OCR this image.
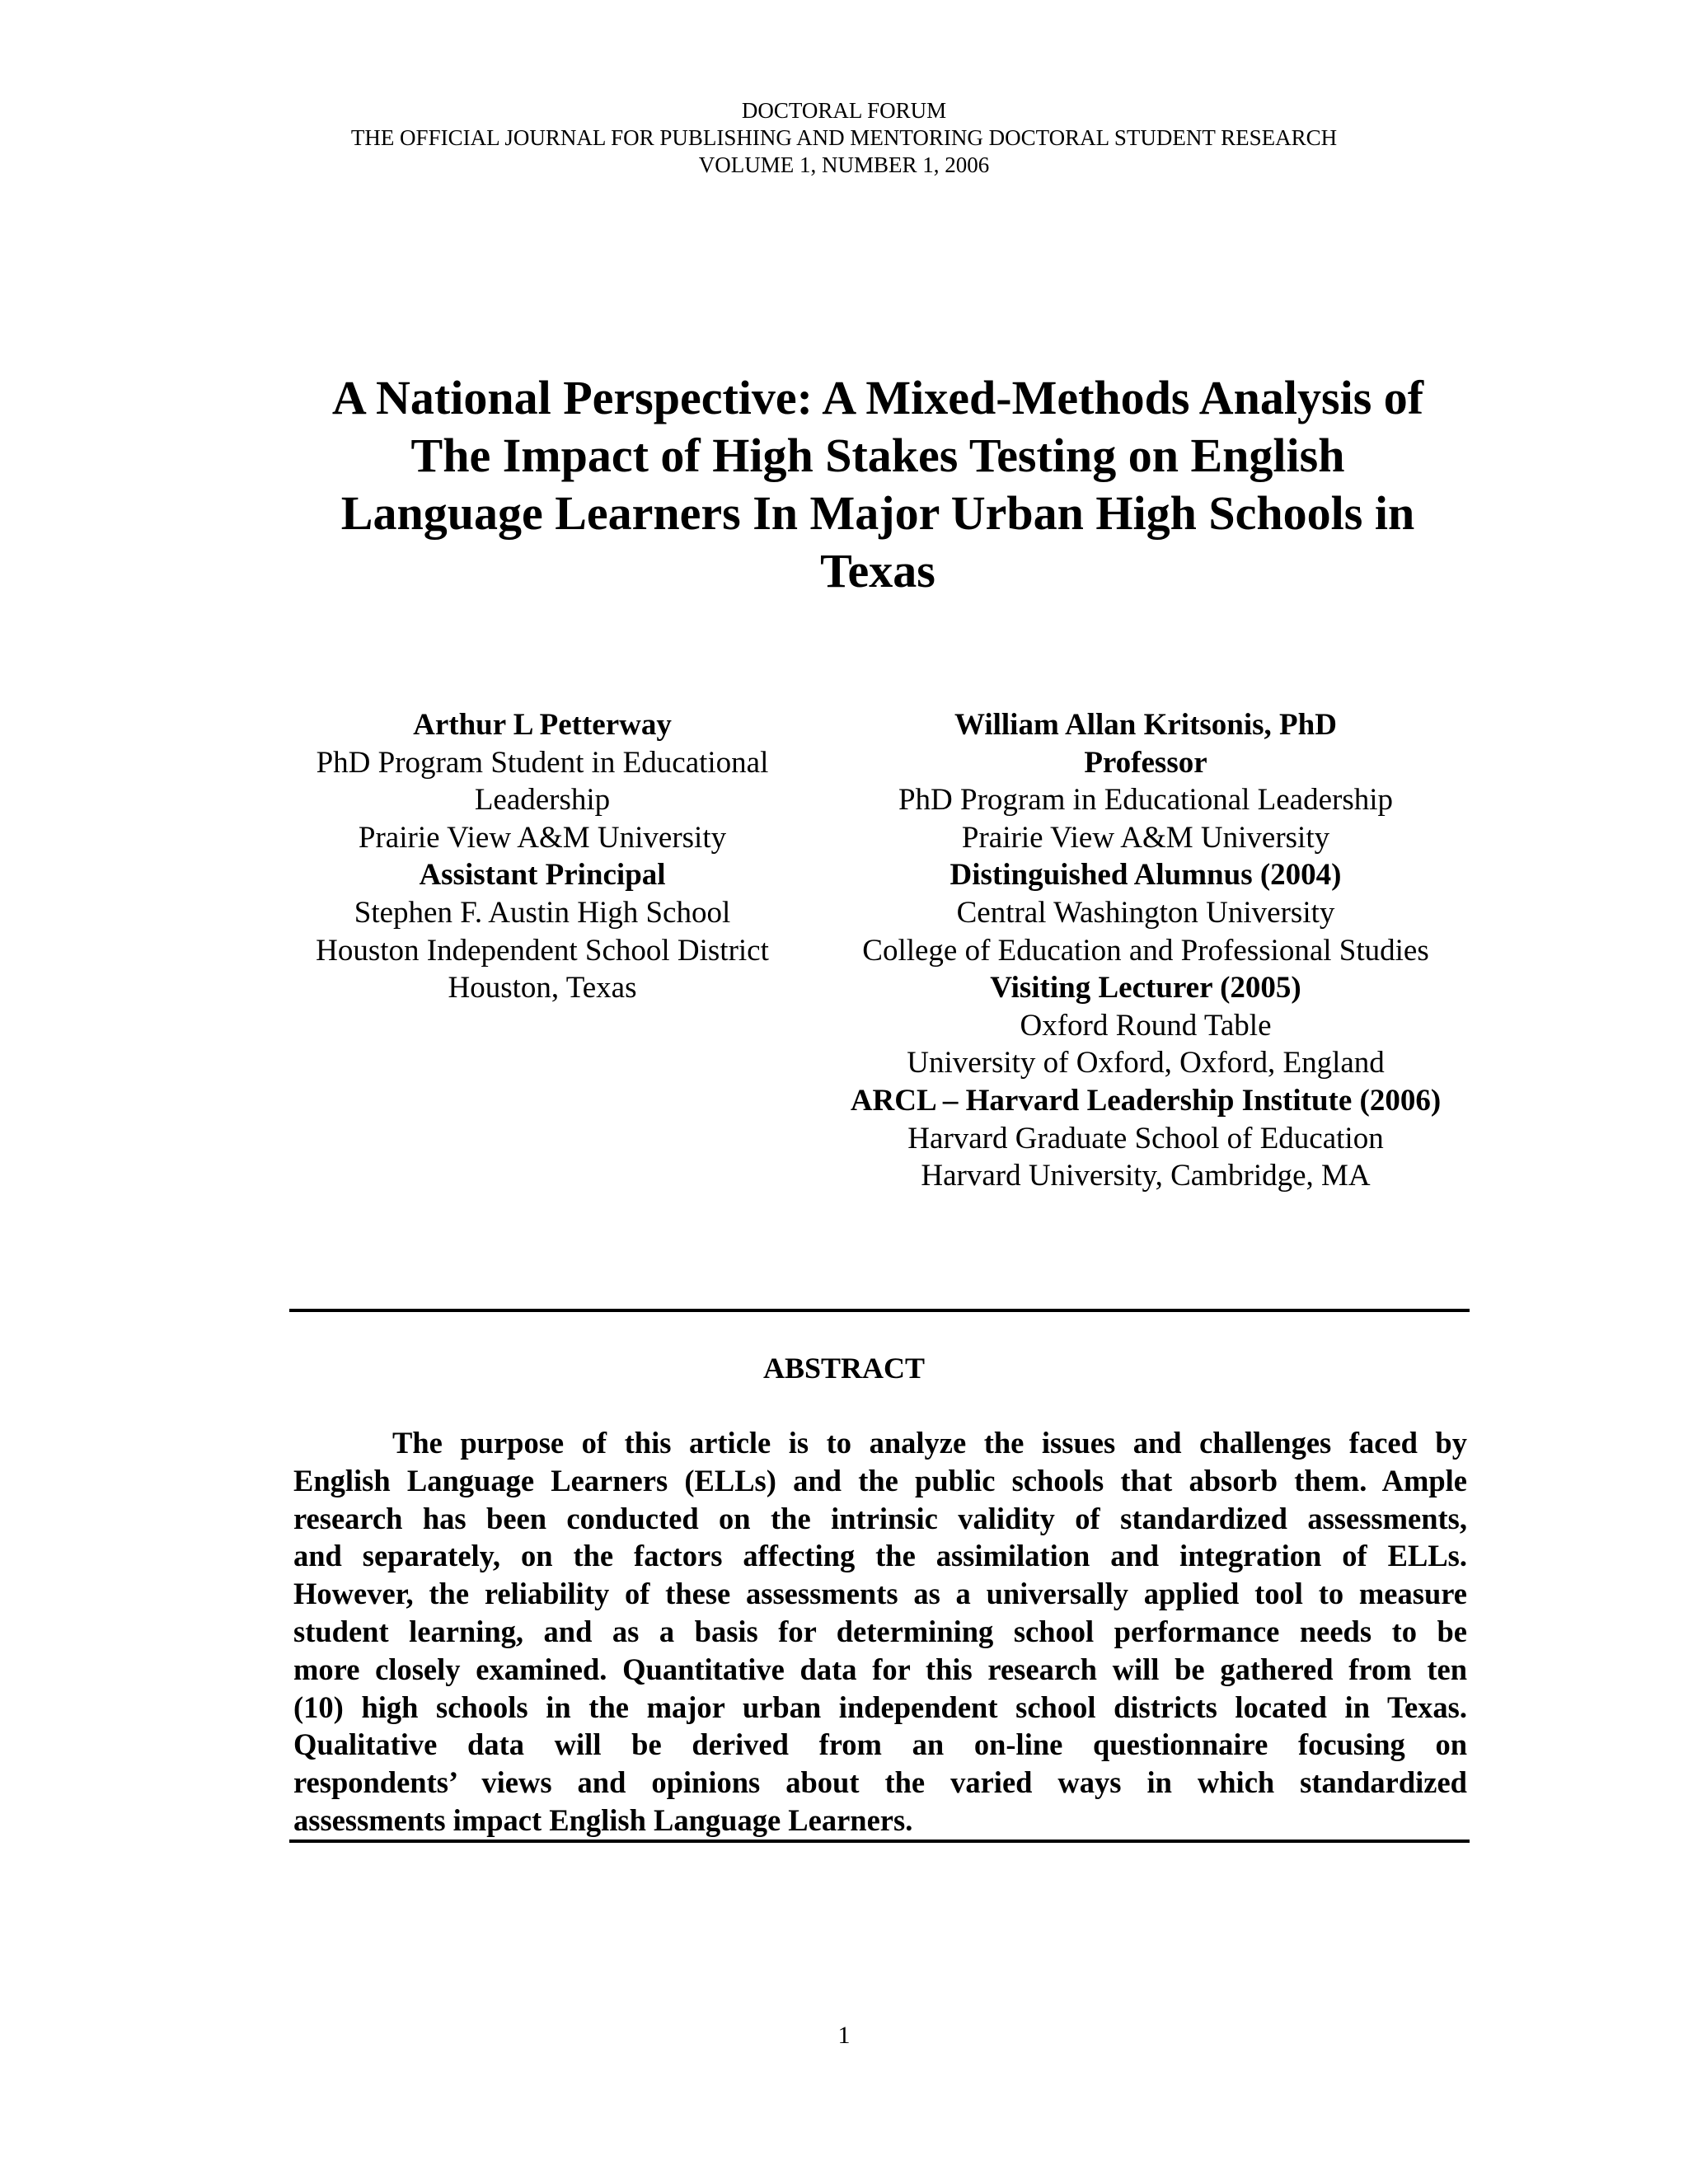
DOCTORAL FORUM
THE OFFICIAL JOURNAL FOR PUBLISHING AND MENTORING DOCTORAL STUDENT RESEARCH
VOLUME 1, NUMBER 1, 2006
A National Perspective: A Mixed-Methods Analysis of
The Impact of High Stakes Testing on English
Language Learners In Major Urban High Schools in
Texas
Arthur L Petterway
PhD Program Student in Educational
Leadership
Prairie View A&M University
Assistant Principal
Stephen F. Austin High School
Houston Independent School District
Houston, Texas
William Allan Kritsonis, PhD
Professor
PhD Program in Educational Leadership
Prairie View A&M University
Distinguished Alumnus (2004)
Central Washington University
College of Education and Professional Studies
Visiting Lecturer (2005)
Oxford Round Table
University of Oxford, Oxford, England
ARCL – Harvard Leadership Institute (2006)
Harvard Graduate School of Education
Harvard University, Cambridge, MA
ABSTRACT

The purpose of this article is to analyze the issues and challenges faced by
English Language Learners (ELLs) and the public schools that absorb them. Ample
research has been conducted on the intrinsic validity of standardized assessments,
and separately, on the factors affecting the assimilation and integration of ELLs.
However, the reliability of these assessments as a universally applied tool to measure
student learning, and as a basis for determining school performance needs to be
more closely examined. Quantitative data for this research will be gathered from ten
(10) high schools in the major urban independent school districts located in Texas.
Qualitative data will be derived from an on-line questionnaire focusing on
respondents’ views and opinions about the varied ways in which standardized
assessments impact English Language Learners.

1
